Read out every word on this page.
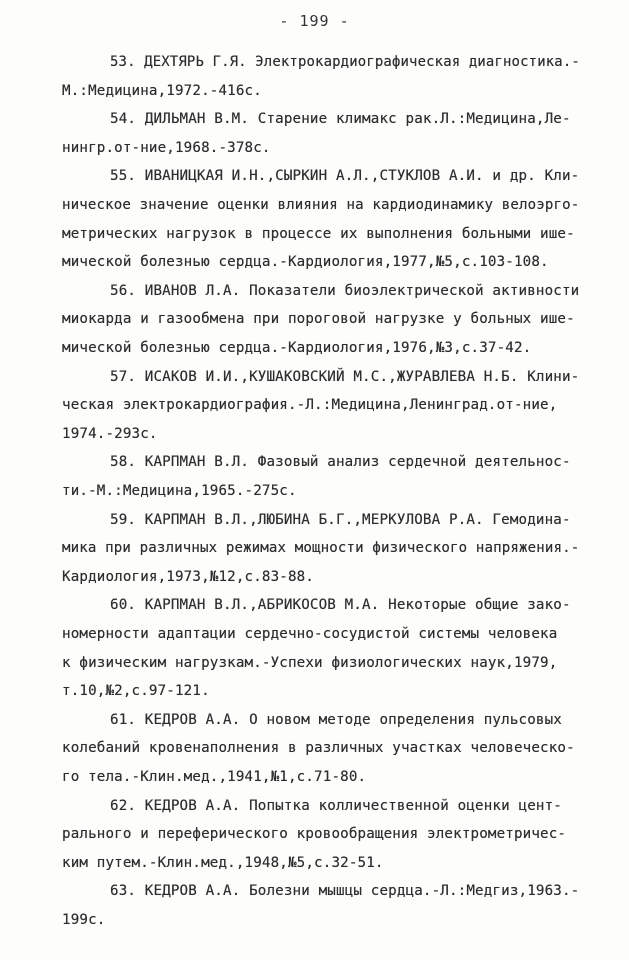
- 199 -
53. ДЕХТЯРЬ Г.Я. Электрокардиографическая диагностика.-
М.:Медицина,1972.-416с.
54. ДИЛЬМАН В.М. Старение климакс рак.Л.:Медицина,Ле-
нингр.от-ние,1968.-378с.
55. ИВАНИЦКАЯ И.Н.,СЫРКИН А.Л.,СТУКЛОВ А.И. и др. Кли-
ническое значение оценки влияния на кардиодинамику велоэрго-
метрических нагрузок в процессе их выполнения больными ише-
мической болезнью сердца.-Кардиология,1977,№5,с.103-108.
56. ИВАНОВ Л.А. Показатели биоэлектрической активности
миокарда и газообмена при пороговой нагрузке у больных ише-
мической болезнью сердца.-Кардиология,1976,№3,с.37-42.
57. ИСАКОВ И.И.,КУШАКОВСКИЙ М.С.,ЖУРАВЛЕВА Н.Б. Клини-
ческая электрокардиография.-Л.:Медицина,Ленинград.от-ние,
1974.-293с.
58. КАРПМАН В.Л. Фазовый анализ сердечной деятельнос-
ти.-М.:Медицина,1965.-275с.
59. КАРПМАН В.Л.,ЛЮБИНА Б.Г.,МЕРКУЛОВА Р.А. Гемодина-
мика при различных режимах мощности физического напряжения.-
Кардиология,1973,№12,с.83-88.
60. КАРПМАН В.Л.,АБРИКОСОВ М.А. Некоторые общие зако-
номерности адаптации сердечно-сосудистой системы человека
к физическим нагрузкам.-Успехи физиологических наук,1979,
т.10,№2,с.97-121.
61. КЕДРОВ А.А. О новом методе определения пульсовых
колебаний кровенаполнения в различных участках человеческо-
го тела.-Клин.мед.,1941,№1,с.71-80.
62. КЕДРОВ А.А. Попытка колличественной оценки цент-
рального и переферического кровообращения электрометричес-
ким путем.-Клин.мед.,1948,№5,с.32-51.
63. КЕДРОВ А.А. Болезни мышцы сердца.-Л.:Медгиз,1963.-
199с.
